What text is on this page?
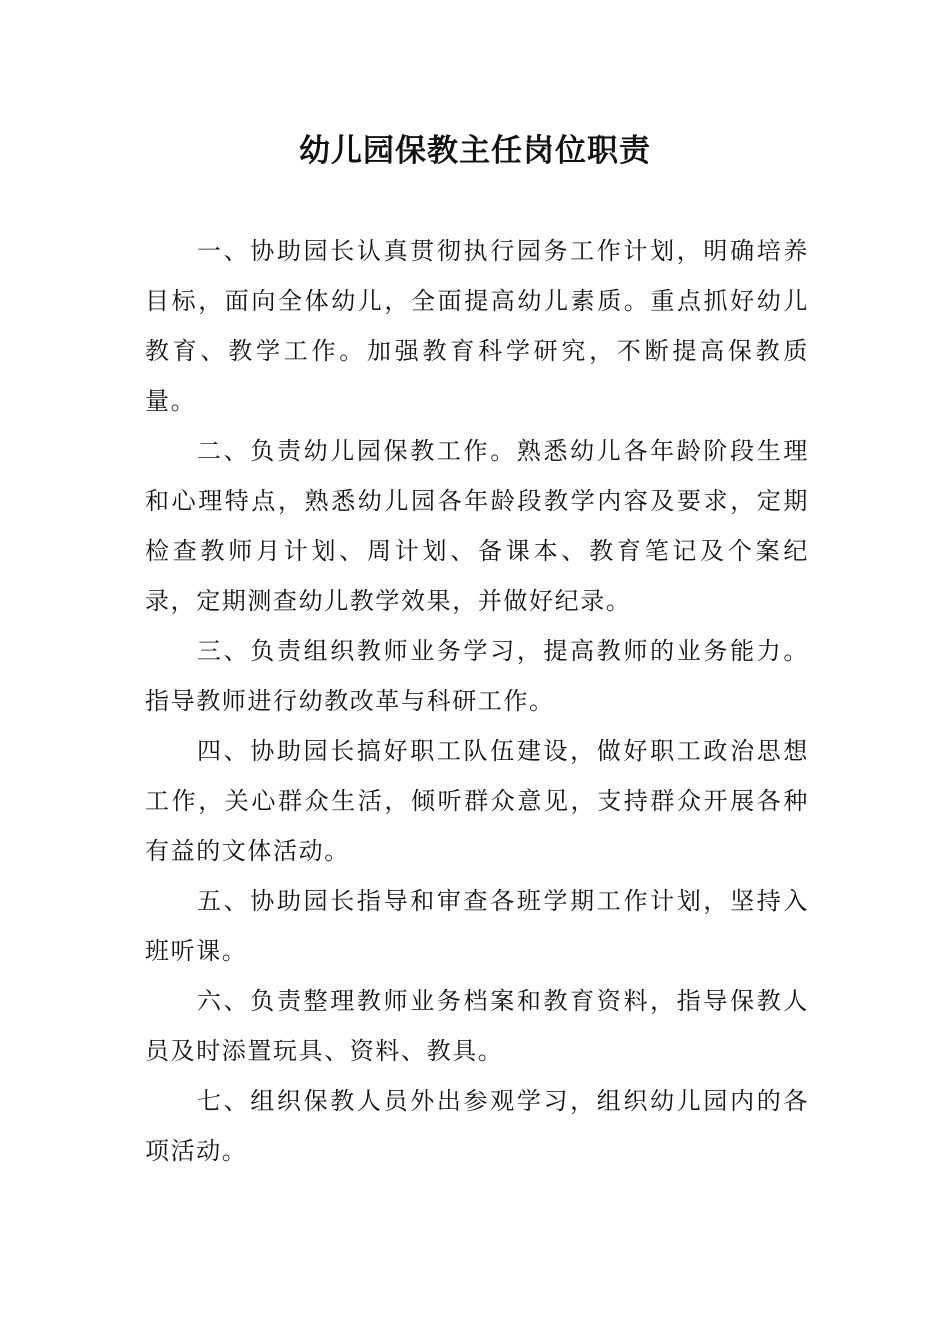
幼儿园保教主任岗位职责

一、协助园长认真贯彻执行园务工作计划，明确培养目标，面向全体幼儿，全面提高幼儿素质。重点抓好幼儿教育、教学工作。加强教育科学研究，不断提高保教质量。

二、负责幼儿园保教工作。熟悉幼儿各年龄阶段生理和心理特点，熟悉幼儿园各年龄段教学内容及要求，定期检查教师月计划、周计划、备课本、教育笔记及个案纪录，定期测查幼儿教学效果，并做好纪录。

三、负责组织教师业务学习，提高教师的业务能力。指导教师进行幼教改革与科研工作。

四、协助园长搞好职工队伍建设，做好职工政治思想工作，关心群众生活，倾听群众意见，支持群众开展各种有益的文体活动。

五、协助园长指导和审查各班学期工作计划，坚持入班听课。

六、负责整理教师业务档案和教育资料，指导保教人员及时添置玩具、资料、教具。

七、组织保教人员外出参观学习，组织幼儿园内的各项活动。
